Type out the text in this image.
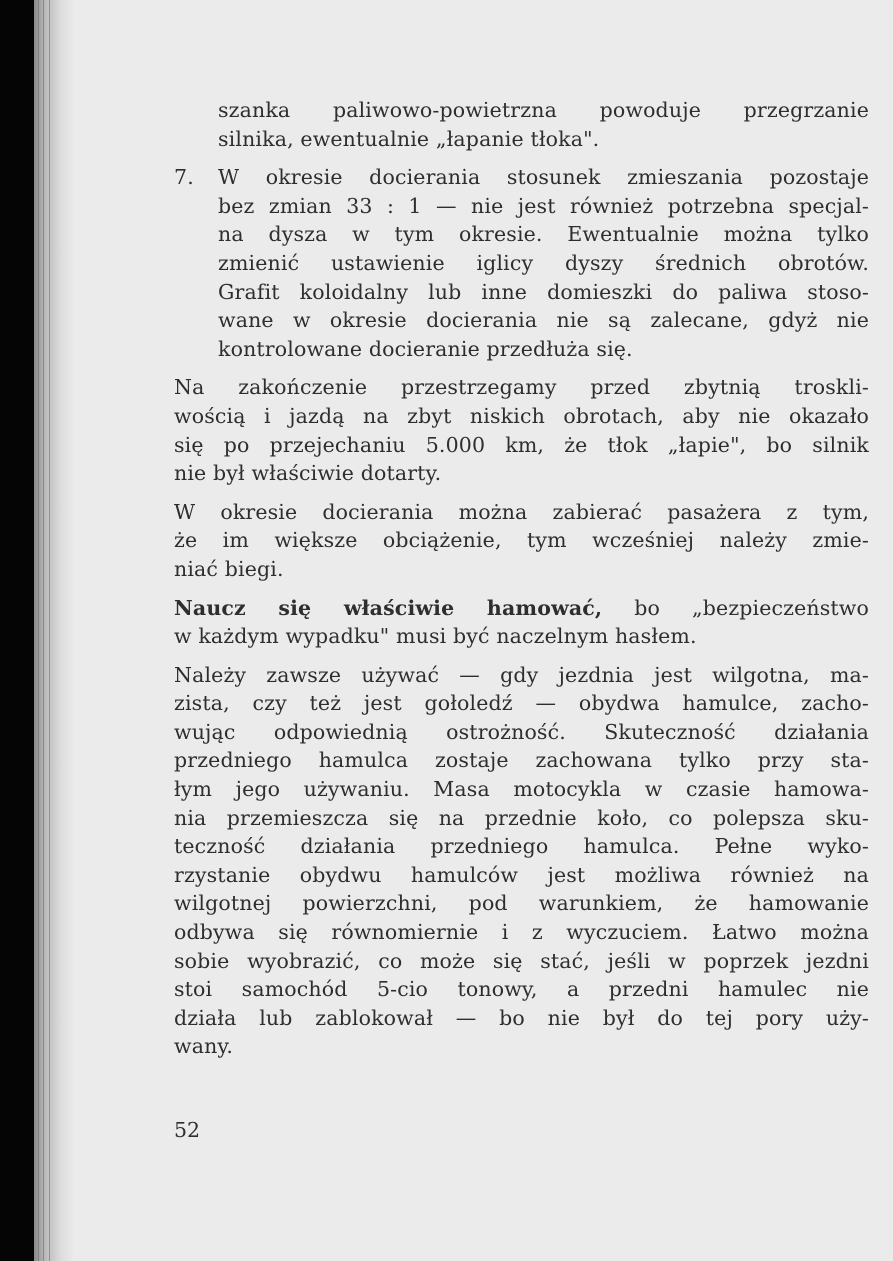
szanka paliwowo-powietrzna powoduje przegrzanie
silnika, ewentualnie „łapanie tłoka".
7.	W okresie docierania stosunek zmieszania pozostaje
bez zmian 33 : 1 — nie jest również potrzebna specjal-
na dysza w tym okresie. Ewentualnie można tylko
zmienić ustawienie iglicy dyszy średnich obrotów.
Grafit koloidalny lub inne domieszki do paliwa stoso-
wane w okresie docierania nie są zalecane, gdyż nie
kontrolowane docieranie przedłuża się.
Na zakończenie przestrzegamy przed zbytnią troskli-
wością i jazdą na zbyt niskich obrotach, aby nie okazało
się po przejechaniu 5.000 km, że tłok „łapie", bo silnik
nie był właściwie dotarty.
W okresie docierania można zabierać pasażera z tym,
że im większe obciążenie, tym wcześniej należy zmie-
niać biegi.
Naucz się właściwie hamować, bo „bezpieczeństwo
w każdym wypadku" musi być naczelnym hasłem.
Należy zawsze używać — gdy jezdnia jest wilgotna, ma-
zista, czy też jest gołoledź — obydwa hamulce, zacho-
wując odpowiednią ostrożność. Skuteczność działania
przedniego hamulca zostaje zachowana tylko przy sta-
łym jego używaniu. Masa motocykla w czasie hamowa-
nia przemieszcza się na przednie koło, co polepsza sku-
teczność działania przedniego hamulca. Pełne wyko-
rzystanie obydwu hamulców jest możliwa również na
wilgotnej powierzchni, pod warunkiem, że hamowanie
odbywa się równomiernie i z wyczuciem. Łatwo można
sobie wyobrazić, co może się stać, jeśli w poprzek jezdni
stoi samochód 5-cio tonowy, a przedni hamulec nie
działa lub zablokował — bo nie był do tej pory uży-
wany.
52
